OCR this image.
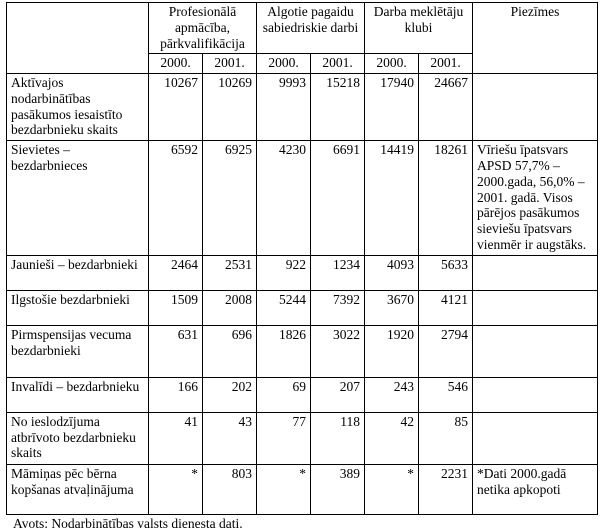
	Profesionālā apmācība, pārkvalifikācija		Algotie pagaidu sabiedriskie darbi		Darba meklētāju klubi		Piezīmes
	2000.	2001.	2000.	2001.	2000.	2001.	
Aktīvajos nodarbinātības pasākumos iesaistīto bezdarbnieku skaits	10267	10269	9993	15218	17940	24667	
Sievietes – bezdarbnieces	6592	6925	4230	6691	14419	18261	Vīriešu īpatsvars APSD 57,7% – 2000.gada, 56,0% – 2001. gadā. Visos pārējos pasākumos sieviešu īpatsvars vienmēr ir augstāks.
Jaunieši – bezdarbnieki	2464	2531	922	1234	4093	5633	
Ilgstošie bezdarbnieki	1509	2008	5244	7392	3670	4121	
Pirmspensijas vecuma bezdarbnieki	631	696	1826	3022	1920	2794	
Invalīdi – bezdarbnieku	166	202	69	207	243	546	
No ieslodzījuma atbrīvoto bezdarbnieku skaits	41	43	77	118	42	85	
Māmiņas pēc bērna kopšanas atvaļinājuma	*	803	*	389	*	2231	*Dati 2000.gadā netika apkopoti
Avots: Nodarbinātības valsts dienesta dati.
